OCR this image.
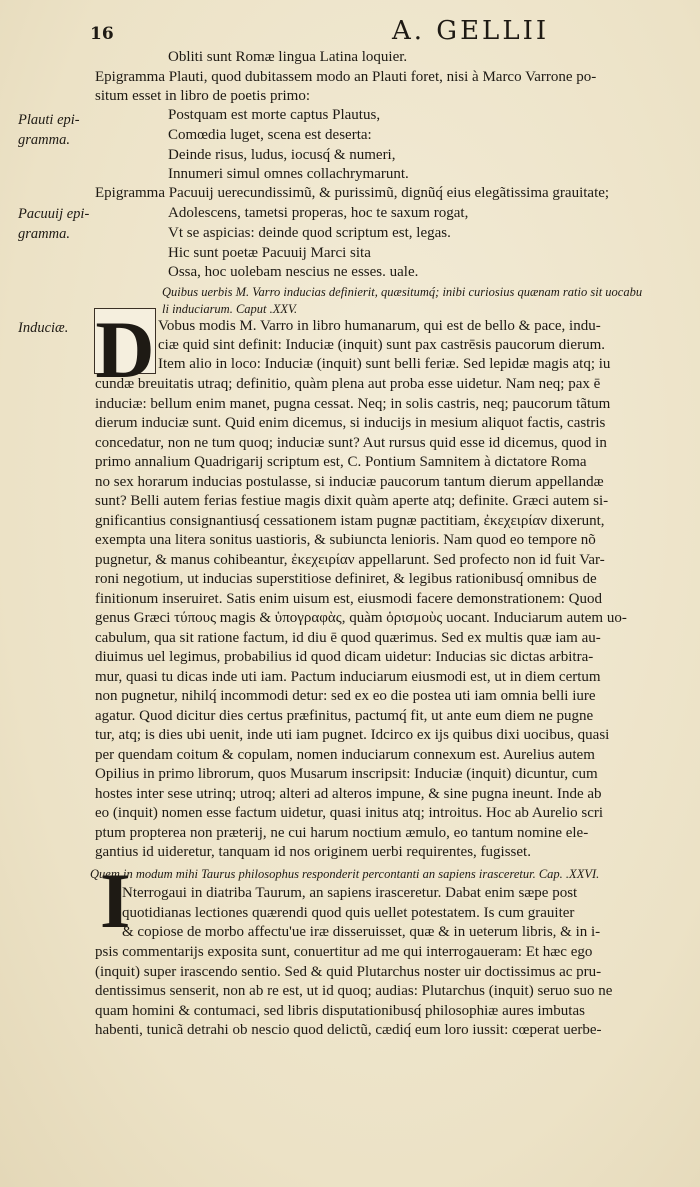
16	A. GELLII
D
I
Plauti epi-
gramma.
Pacuuij epi-
gramma.
Induciæ.
Obliti sunt Romæ lingua Latina loquier.
Epigramma Plauti, quod dubitassem modo an Plauti foret, nisi à Marco Varrone po-
situm esset in libro de poetis primo:
Postquam est morte captus Plautus,
Comœdia luget, scena est deserta:
Deinde risus, ludus, iocusq́ & numeri,
Innumeri simul omnes collachrymarunt.
Epigramma Pacuuij uerecundissimũ, & purissimũ, dignũq́ eius elegãtissima grauitate;
Adolescens, tametsi properas, hoc te saxum rogat,
Vt se aspicias: deinde quod scriptum est, legas.
Hic sunt poetæ Pacuuij Marci sita
Ossa, hoc uolebam nescius ne esses. uale.
Quibus uerbis M. Varro inducias definierit, quæsitumq́; inibi curiosius quænam ratio sit uocabu
li induciarum. Caput .XXV.
Vobus modis M. Varro in libro humanarum, qui est de bello & pace, indu-
ciæ quid sint definit: Induciæ (inquit) sunt pax castrēsis paucorum dierum.
Item alio in loco: Induciæ (inquit) sunt belli feriæ. Sed lepidæ magis atq; iu
cundæ breuitatis utraq; definitio, quàm plena aut proba esse uidetur. Nam neq; pax ē
induciæ: bellum enim manet, pugna cessat. Neq; in solis castris, neq; paucorum tãtum
dierum induciæ sunt. Quid enim dicemus, si inducijs in mesium aliquot factis, castris
concedatur, non ne tum quoq; induciæ sunt? Aut rursus quid esse id dicemus, quod in
primo annalium Quadrigarij scriptum est, C. Pontium Samnitem à dictatore Roma
no sex horarum inducias postulasse, si induciæ paucorum tantum dierum appellandæ
sunt? Belli autem ferias festiue magis dixit quàm aperte atq; definite. Græci autem si-
gnificantius consignantiusq́ cessationem istam pugnæ pactitiam, ἐκεχειρίαν dixerunt,
exempta una litera sonitus uastioris, & subiuncta lenioris. Nam quod eo tempore nõ
pugnetur, & manus cohibeantur, ἐκεχειρίαν appellarunt. Sed profecto non id fuit Var-
roni negotium, ut inducias superstitiose definiret, & legibus rationibusq́ omnibus de
finitionum inseruiret. Satis enim uisum est, eiusmodi facere demonstrationem: Quod
genus Græci τύπους magis & ὑπογραφὰς, quàm ὁρισμοὺς uocant. Induciarum autem uo-
cabulum, qua sit ratione factum, id diu ē quod quærimus. Sed ex multis quæ iam au-
diuimus uel legimus, probabilius id quod dicam uidetur: Inducias sic dictas arbitra-
mur, quasi tu dicas inde uti iam. Pactum induciarum eiusmodi est, ut in diem certum
non pugnetur, nihilq́ incommodi detur: sed ex eo die postea uti iam omnia belli iure
agatur. Quod dicitur dies certus præfinitus, pactumq́ fit, ut ante eum diem ne pugne
tur, atq; is dies ubi uenit, inde uti iam pugnet. Idcirco ex ijs quibus dixi uocibus, quasi
per quendam coitum & copulam, nomen induciarum connexum est. Aurelius autem
Opilius in primo librorum, quos Musarum inscripsit: Induciæ (inquit) dicuntur, cum
hostes inter sese utrinq; utroq; alteri ad alteros impune, & sine pugna ineunt. Inde ab
eo (inquit) nomen esse factum uidetur, quasi initus atq; introitus. Hoc ab Aurelio scri
ptum propterea non præterij, ne cui harum noctium æmulo, eo tantum nomine ele-
gantius id uideretur, tanquam id nos originem uerbi requirentes, fugisset.
Quem in modum mihi Taurus philosophus responderit percontanti an sapiens irasceretur. Cap. .XXVI.
Nterrogaui in diatriba Taurum, an sapiens irasceretur. Dabat enim sæpe post
quotidianas lectiones quærendi quod quis uellet potestatem. Is cum grauiter
& copiose de morbo affectu'ue iræ disseruisset, quæ & in ueterum libris, & in i-
psis commentarijs exposita sunt, conuertitur ad me qui interrogaueram: Et hæc ego
(inquit) super irascendo sentio. Sed & quid Plutarchus noster uir doctissimus ac pru-
dentissimus senserit, non ab re est, ut id quoq; audias: Plutarchus (inquit) seruo suo ne
quam homini & contumaci, sed libris disputationibusq́ philosophiæ aures imbutas
habenti, tunicã detrahi ob nescio quod delictũ, cædiq́ eum loro iussit: cœperat uerbe-
